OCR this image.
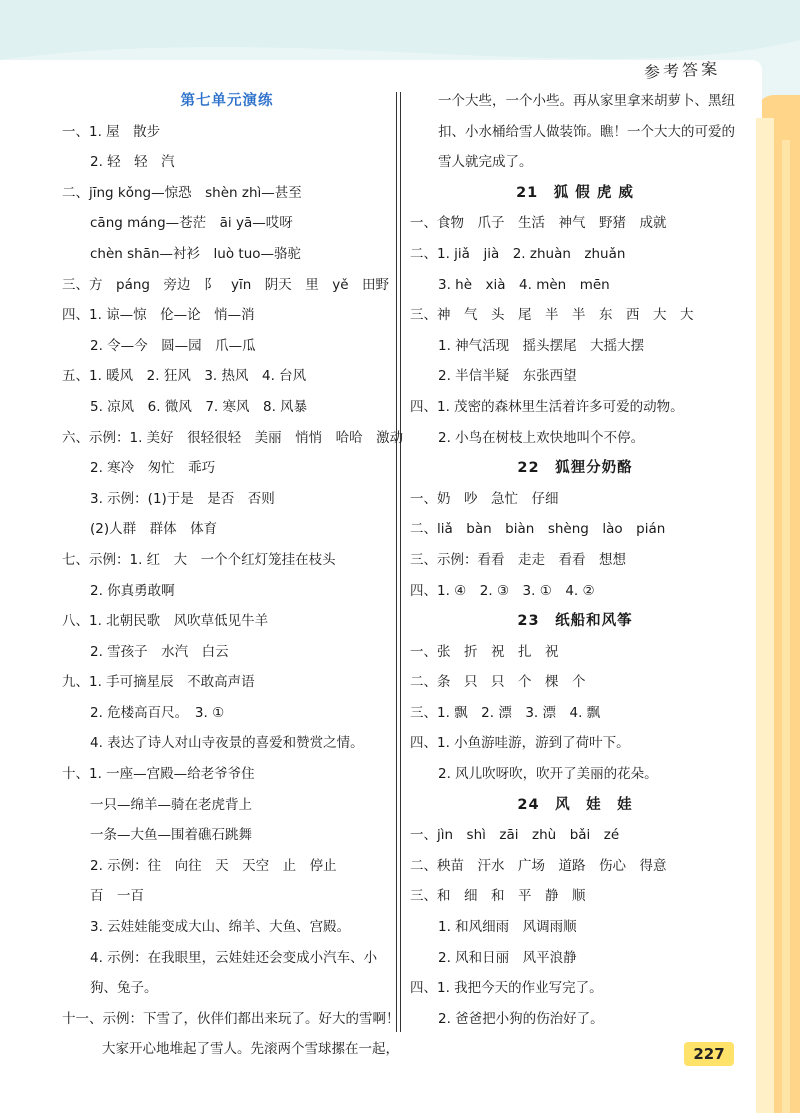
参考答案
第七单元演练
一、1. 屋　散步
2. 轻　轻　汽
二、jīng kǒng—惊恐　shèn zhì—甚至
cāng máng—苍茫　āi yā—哎呀
chèn shān—衬衫　luò tuo—骆驼
三、方　páng　旁边　阝　yīn　阴天　里　yě　田野
四、1. 谅—惊　伦—论　悄—消
2. 令—今　圆—园　爪—瓜
五、1. 暖风　2. 狂风　3. 热风　4. 台风
5. 凉风　6. 微风　7. 寒风　8. 风暴
六、示例：1. 美好　很轻很轻　美丽　悄悄　哈哈　激动
2. 寒冷　匆忙　乖巧
3. 示例：(1)于是　是否　否则
(2)人群　群体　体育
七、示例：1. 红　大　一个个红灯笼挂在枝头
2. 你真勇敢啊
八、1. 北朝民歌　风吹草低见牛羊
2. 雪孩子　水汽　白云
九、1. 手可摘星辰　不敢高声语
2. 危楼高百尺。　3. ①
4. 表达了诗人对山寺夜景的喜爱和赞赏之情。
十、1. 一座—宫殿—给老爷爷住
一只—绵羊—骑在老虎背上
一条—大鱼—围着礁石跳舞
2. 示例：往　向往　天　天空　止　停止
百　一百
3. 云娃娃能变成大山、绵羊、大鱼、宫殿。
4. 示例：在我眼里，云娃娃还会变成小汽车、小
狗、兔子。
十一、示例：下雪了，伙伴们都出来玩了。好大的雪啊！
大家开心地堆起了雪人。先滚两个雪球摞在一起，
一个大些，一个小些。再从家里拿来胡萝卜、黑纽
扣、小水桶给雪人做装饰。瞧！一个大大的可爱的
雪人就完成了。
21　狐 假 虎 威
一、食物　爪子　生活　神气　野猪　成就
二、1. jiǎ　jià　2. zhuàn　zhuǎn
3. hè　xià　4. mèn　mēn
三、神　气　头　尾　半　半　东　西　大　大
1. 神气活现　摇头摆尾　大摇大摆
2. 半信半疑　东张西望
四、1. 茂密的森林里生活着许多可爱的动物。
2. 小鸟在树枝上欢快地叫个不停。
22　狐狸分奶酪
一、奶　吵　急忙　仔细
二、liǎ　bàn　biàn　shèng　lào　pián
三、示例：看看　走走　看看　想想
四、1. ④　2. ③　3. ①　4. ②
23　纸船和风筝
一、张　折　祝　扎　祝
二、条　只　只　个　棵　个
三、1. 飘　2. 漂　3. 漂　4. 飘
四、1. 小鱼游哇游，游到了荷叶下。
2. 风儿吹呀吹，吹开了美丽的花朵。
24　风　娃　娃
一、jìn　shì　zāi　zhù　bǎi　zé
二、秧苗　汗水　广场　道路　伤心　得意
三、和　细　和　平　静　顺
1. 和风细雨　风调雨顺
2. 风和日丽　风平浪静
四、1. 我把今天的作业写完了。
2. 爸爸把小狗的伤治好了。
227
